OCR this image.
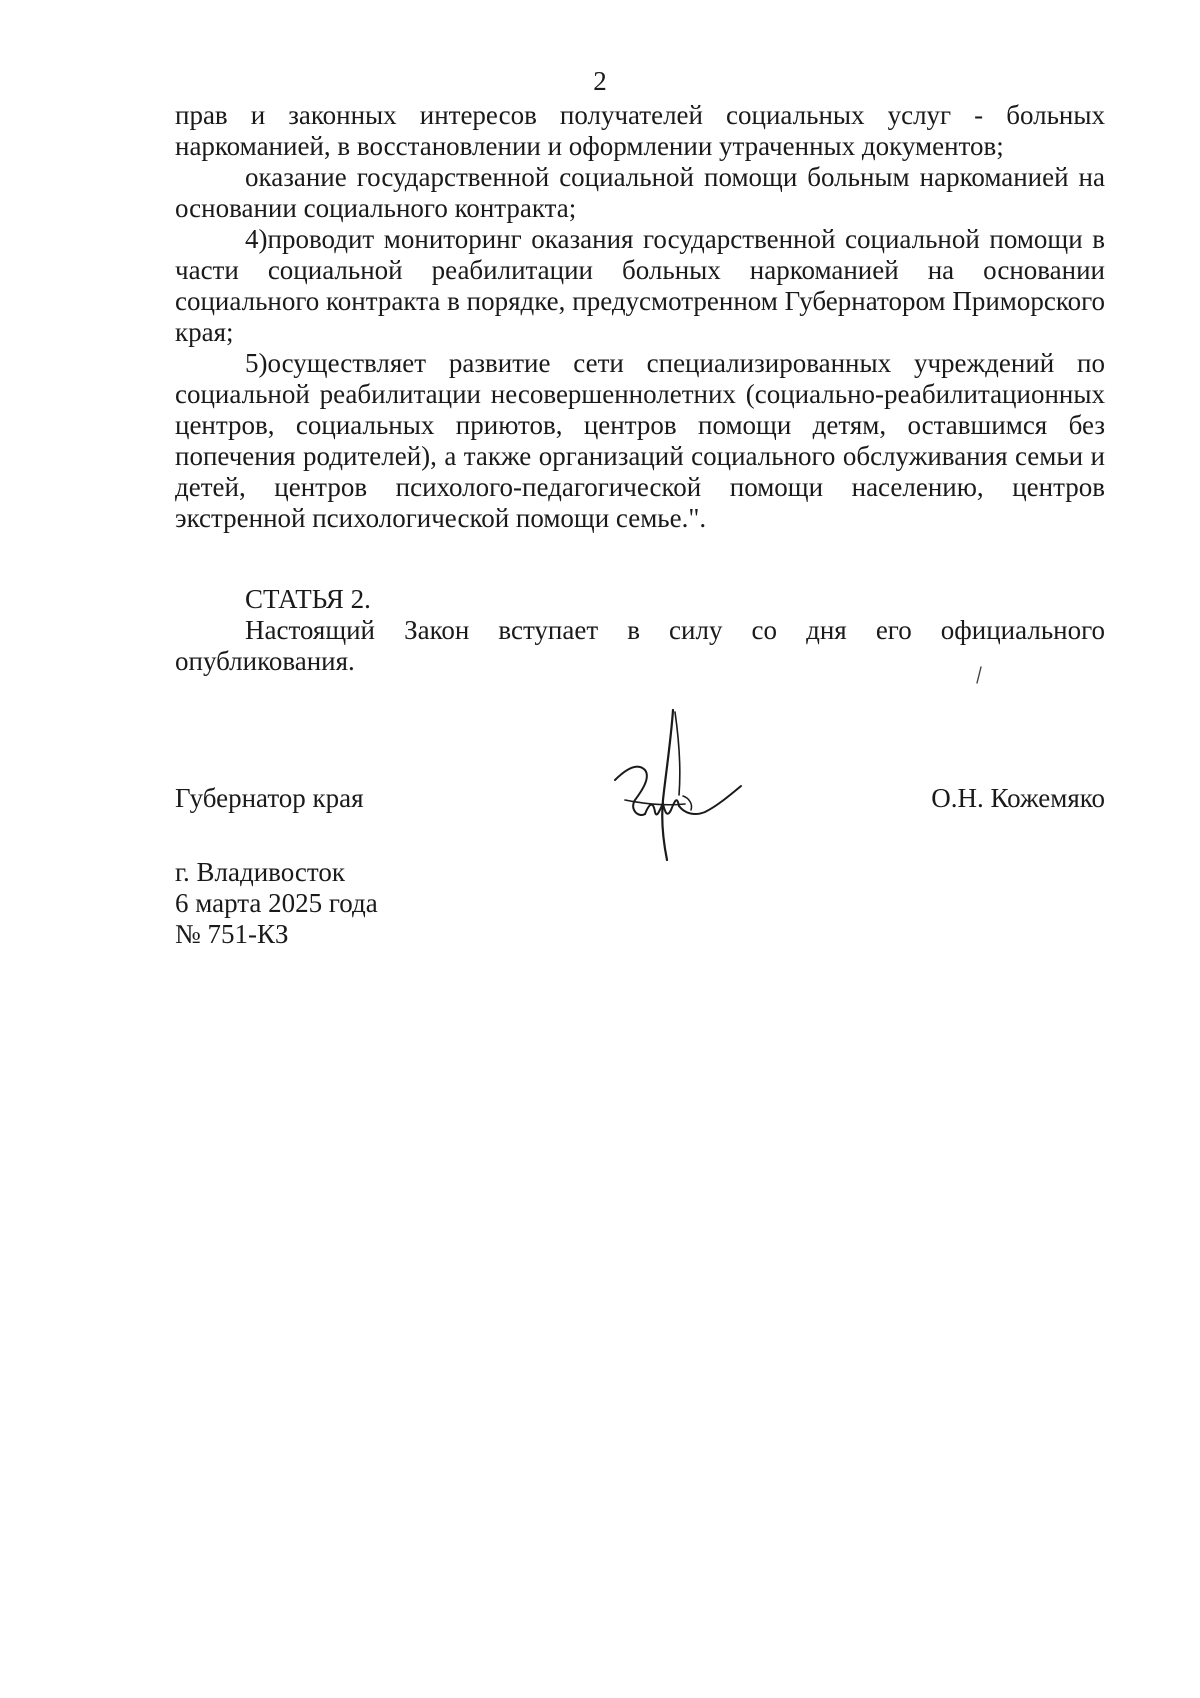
2

прав и законных интересов получателей социальных услуг - больных наркоманией, в восстановлении и оформлении утраченных документов;

оказание государственной социальной помощи больным наркоманией на основании социального контракта;

4)проводит мониторинг оказания государственной социальной помощи в части социальной реабилитации больных наркоманией на основании социального контракта в порядке, предусмотренном Губернатором Приморского края;

5)осуществляет развитие сети специализированных учреждений по социальной реабилитации несовершеннолетних (социально-реабилитационных центров, социальных приютов, центров помощи детям, оставшимся без попечения родителей), а также организаций социального обслуживания семьи и детей, центров психолого-педагогической помощи населению, центров экстренной психологической помощи семье.".

СТАТЬЯ 2.

Настоящий Закон вступает в силу со дня его официального опубликования.

Губернатор края	О.Н. Кожемяко

г. Владивосток

6 марта 2025 года

№ 751-КЗ
